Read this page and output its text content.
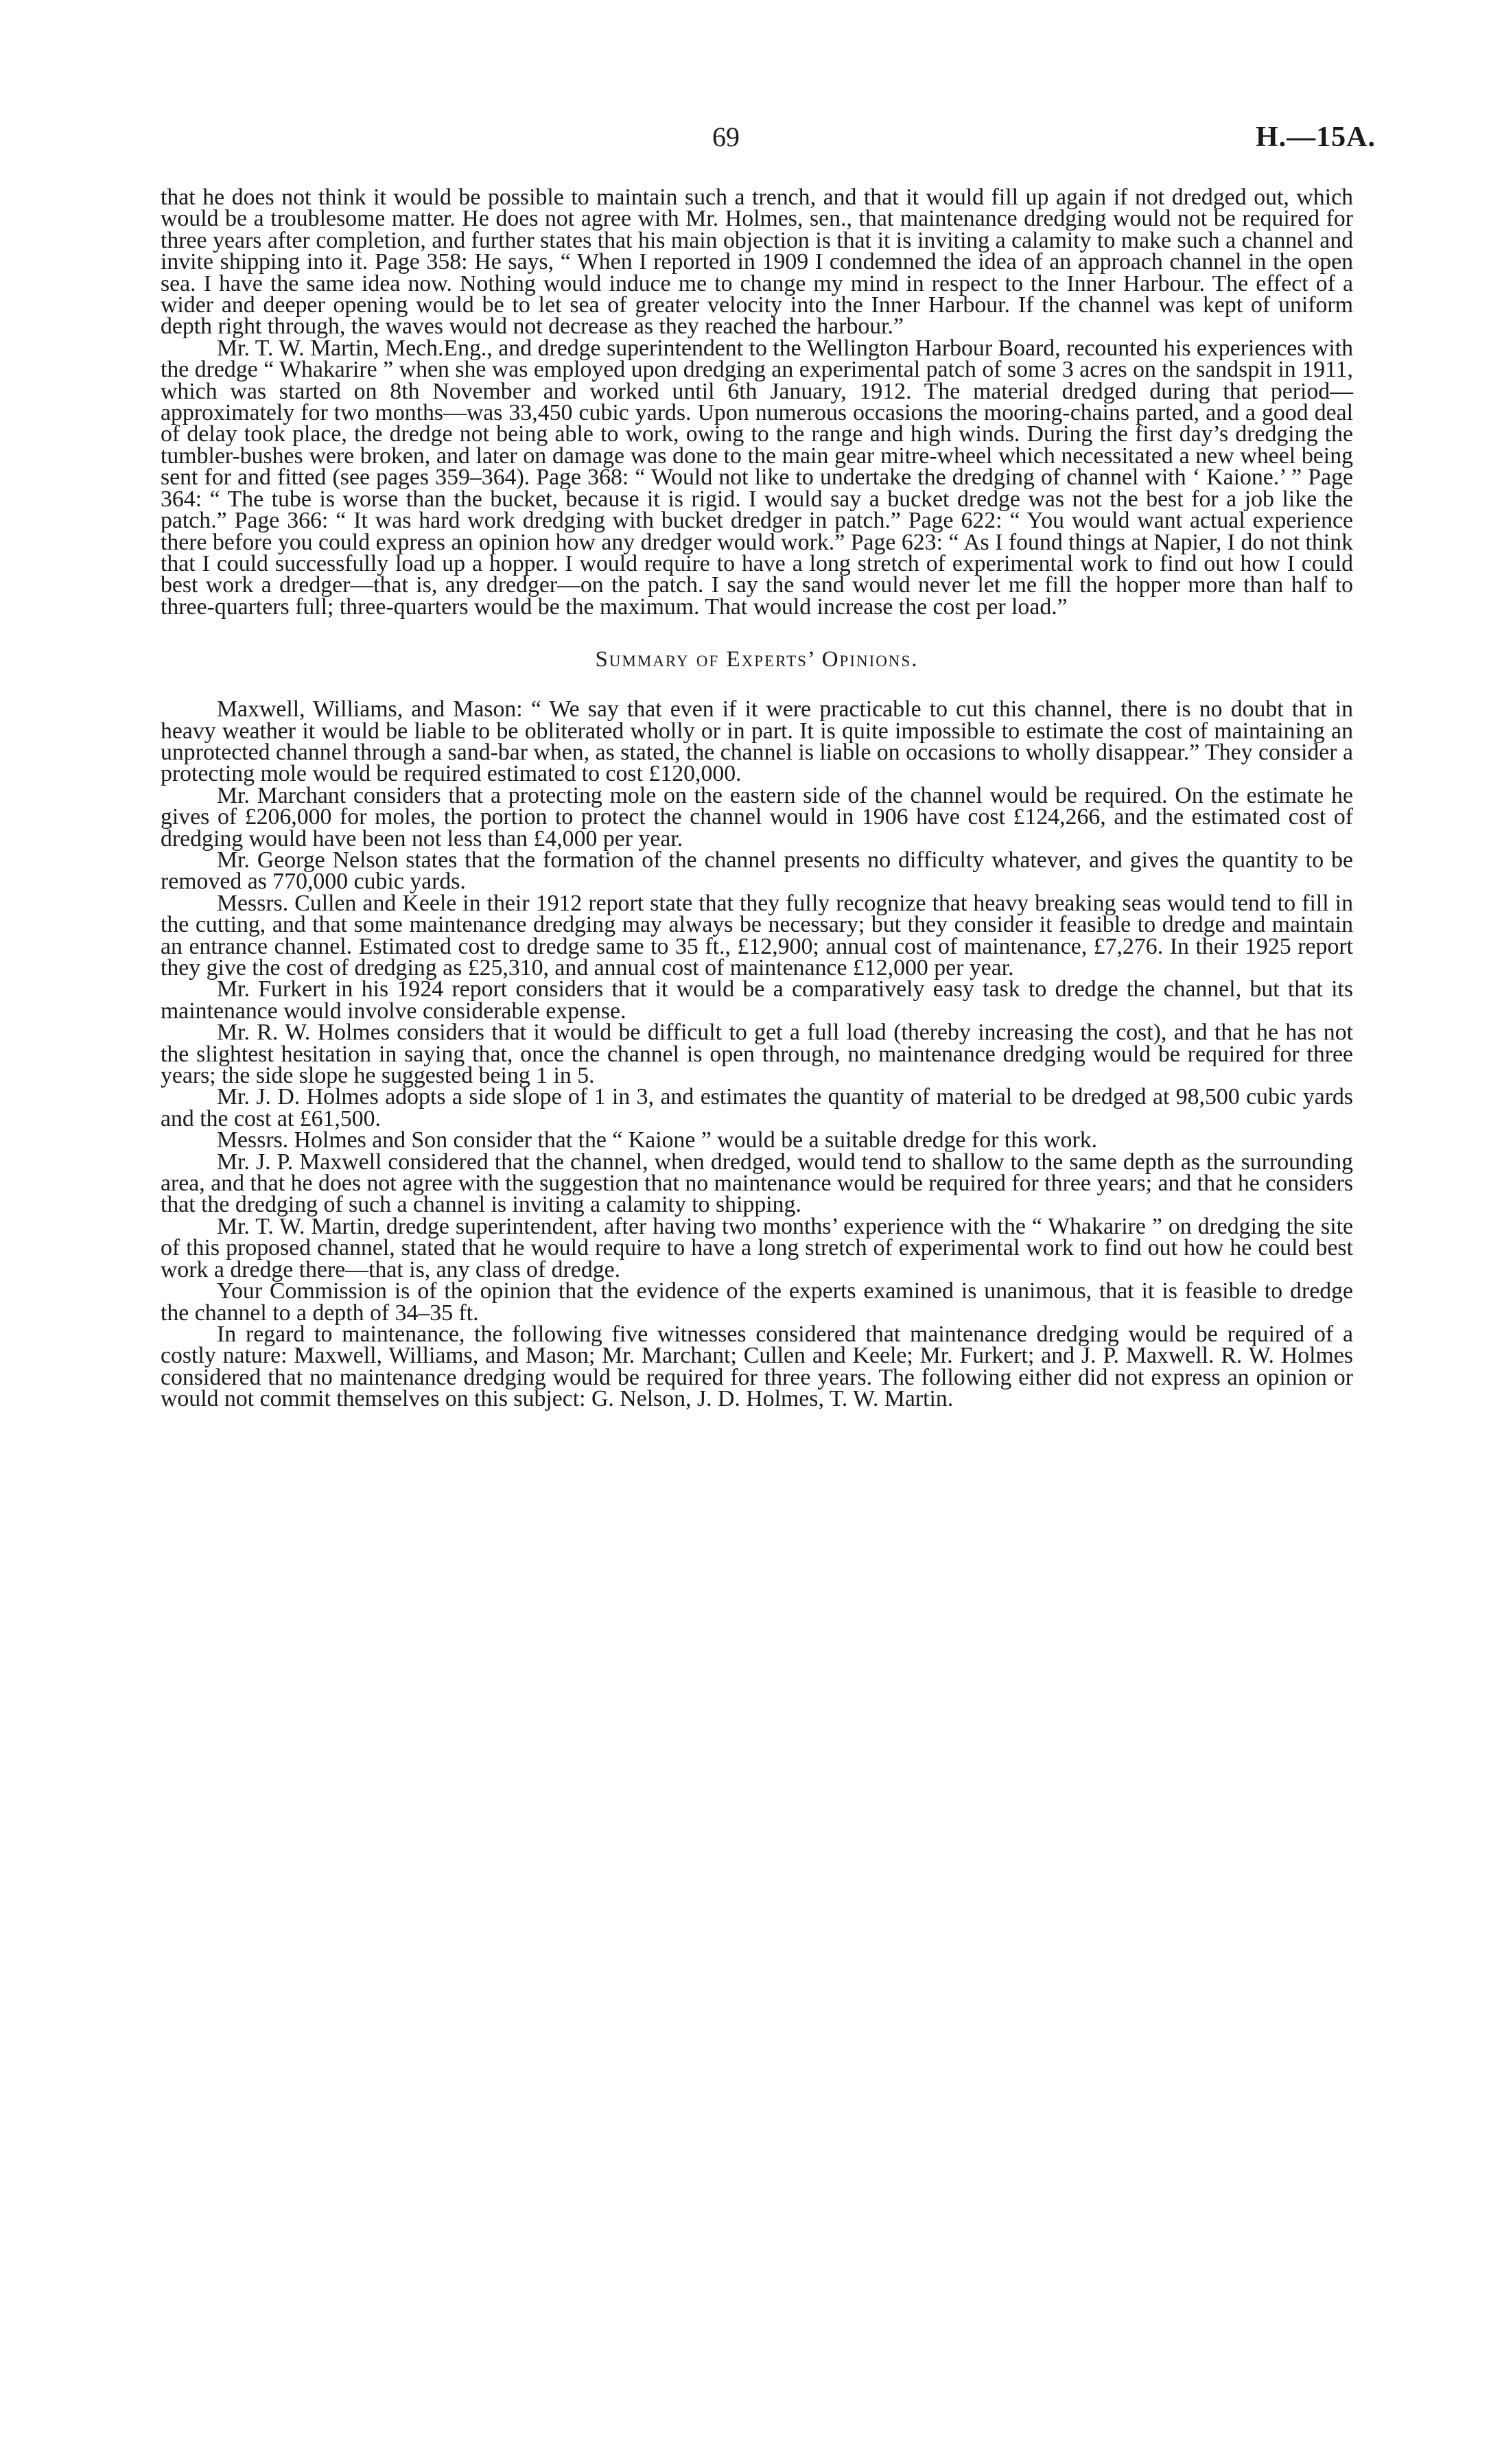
69	H.—15A.

that he does not think it would be possible to maintain such a trench, and that it would fill up again if not dredged out, which would be a troublesome matter. He does not agree with Mr. Holmes, sen., that maintenance dredging would not be required for three years after completion, and further states that his main objection is that it is inviting a calamity to make such a channel and invite shipping into it. Page 358: He says, “ When I reported in 1909 I condemned the idea of an approach channel in the open sea. I have the same idea now. Nothing would induce me to change my mind in respect to the Inner Harbour. The effect of a wider and deeper opening would be to let sea of greater velocity into the Inner Harbour. If the channel was kept of uniform depth right through, the waves would not decrease as they reached the harbour.”

Mr. T. W. Martin, Mech.Eng., and dredge superintendent to the Wellington Harbour Board, recounted his experiences with the dredge “ Whakarire ” when she was employed upon dredging an experimental patch of some 3 acres on the sandspit in 1911, which was started on 8th November and worked until 6th January, 1912. The material dredged during that period—approximately for two months—was 33,450 cubic yards. Upon numerous occasions the mooring-chains parted, and a good deal of delay took place, the dredge not being able to work, owing to the range and high winds. During the first day’s dredging the tumbler-bushes were broken, and later on damage was done to the main gear mitre-wheel which necessitated a new wheel being sent for and fitted (see pages 359–364). Page 368: “ Would not like to undertake the dredging of channel with ‘ Kaione.’ ” Page 364: “ The tube is worse than the bucket, because it is rigid. I would say a bucket dredge was not the best for a job like the patch.” Page 366: “ It was hard work dredging with bucket dredger in patch.” Page 622: “ You would want actual experience there before you could express an opinion how any dredger would work.” Page 623: “ As I found things at Napier, I do not think that I could successfully load up a hopper. I would require to have a long stretch of experimental work to find out how I could best work a dredger—that is, any dredger—on the patch. I say the sand would never let me fill the hopper more than half to three-quarters full; three-quarters would be the maximum. That would increase the cost per load.”

Summary of Experts’ Opinions.

Maxwell, Williams, and Mason: “ We say that even if it were practicable to cut this channel, there is no doubt that in heavy weather it would be liable to be obliterated wholly or in part. It is quite impossible to estimate the cost of maintaining an unprotected channel through a sand-bar when, as stated, the channel is liable on occasions to wholly disappear.” They consider a protecting mole would be required estimated to cost £120,000.

Mr. Marchant considers that a protecting mole on the eastern side of the channel would be required. On the estimate he gives of £206,000 for moles, the portion to protect the channel would in 1906 have cost £124,266, and the estimated cost of dredging would have been not less than £4,000 per year.

Mr. George Nelson states that the formation of the channel presents no difficulty whatever, and gives the quantity to be removed as 770,000 cubic yards.

Messrs. Cullen and Keele in their 1912 report state that they fully recognize that heavy breaking seas would tend to fill in the cutting, and that some maintenance dredging may always be necessary; but they consider it feasible to dredge and maintain an entrance channel. Estimated cost to dredge same to 35 ft., £12,900; annual cost of maintenance, £7,276. In their 1925 report they give the cost of dredging as £25,310, and annual cost of maintenance £12,000 per year.

Mr. Furkert in his 1924 report considers that it would be a comparatively easy task to dredge the channel, but that its maintenance would involve considerable expense.

Mr. R. W. Holmes considers that it would be difficult to get a full load (thereby increasing the cost), and that he has not the slightest hesitation in saying that, once the channel is open through, no maintenance dredging would be required for three years; the side slope he suggested being 1 in 5.

Mr. J. D. Holmes adopts a side slope of 1 in 3, and estimates the quantity of material to be dredged at 98,500 cubic yards and the cost at £61,500.

Messrs. Holmes and Son consider that the “ Kaione ” would be a suitable dredge for this work.

Mr. J. P. Maxwell considered that the channel, when dredged, would tend to shallow to the same depth as the surrounding area, and that he does not agree with the suggestion that no maintenance would be required for three years; and that he considers that the dredging of such a channel is inviting a calamity to shipping.

Mr. T. W. Martin, dredge superintendent, after having two months’ experience with the “ Whakarire ” on dredging the site of this proposed channel, stated that he would require to have a long stretch of experimental work to find out how he could best work a dredge there—that is, any class of dredge.

Your Commission is of the opinion that the evidence of the experts examined is unanimous, that it is feasible to dredge the channel to a depth of 34–35 ft.

In regard to maintenance, the following five witnesses considered that maintenance dredging would be required of a costly nature: Maxwell, Williams, and Mason; Mr. Marchant; Cullen and Keele; Mr. Furkert; and J. P. Maxwell. R. W. Holmes considered that no maintenance dredging would be required for three years. The following either did not express an opinion or would not commit themselves on this subject: G. Nelson, J. D. Holmes, T. W. Martin.
